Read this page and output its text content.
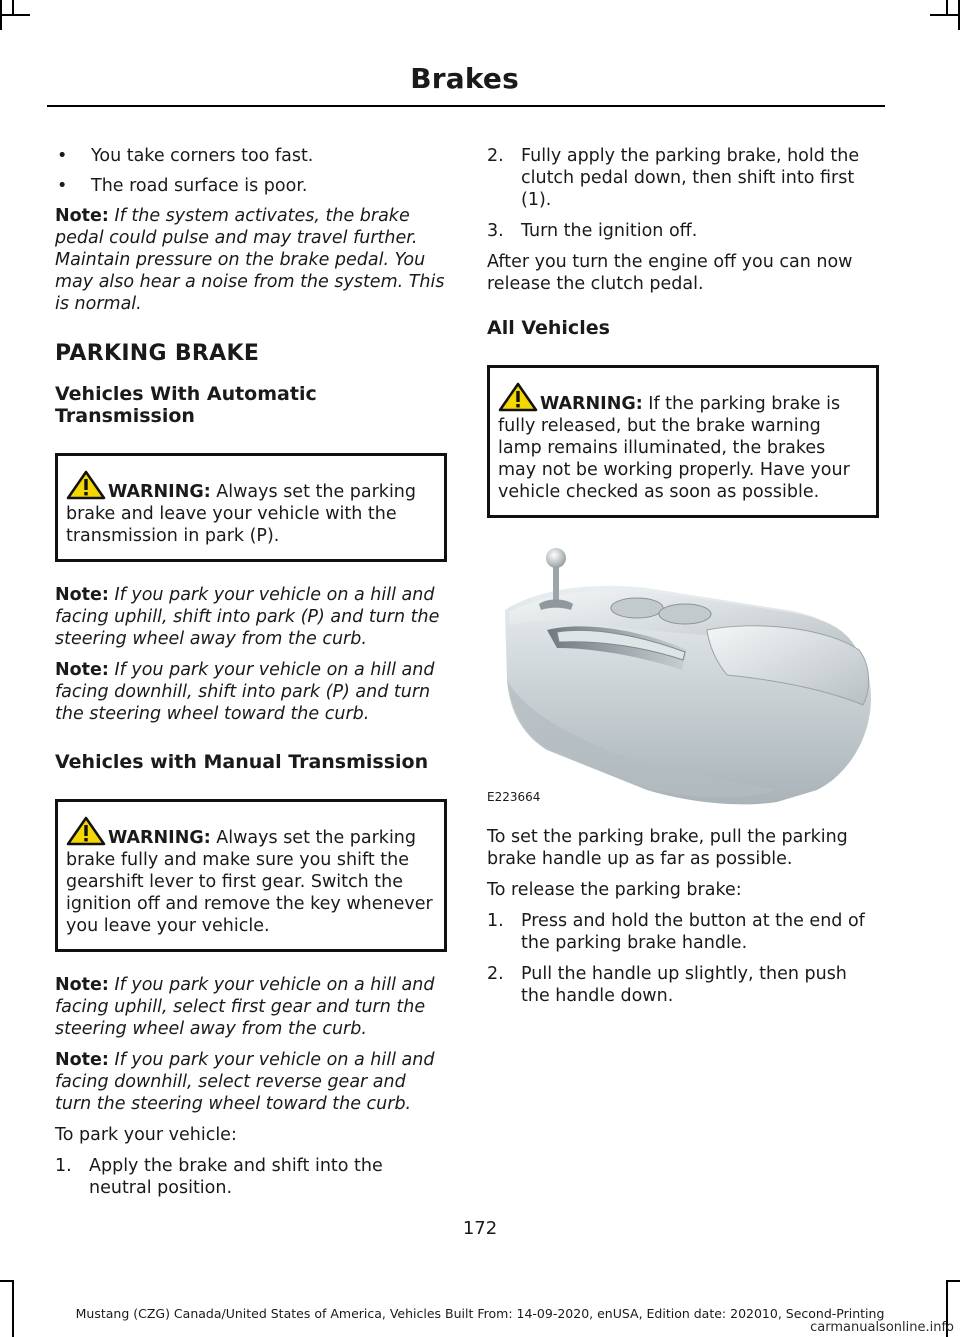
Brakes
•	You take corners too fast.
•	The road surface is poor.

Note: If the system activates, the brake pedal could pulse and may travel further. Maintain pressure on the brake pedal. You may also hear a noise from the system. This is normal.

PARKING BRAKE
Vehicles With Automatic Transmission
WARNING: Always set the parking brake and leave your vehicle with the transmission in park (P).

Note: If you park your vehicle on a hill and facing uphill, shift into park (P) and turn the steering wheel away from the curb.

Note: If you park your vehicle on a hill and facing downhill, shift into park (P) and turn the steering wheel toward the curb.

Vehicles with Manual Transmission
WARNING: Always set the parking brake fully and make sure you shift the gearshift lever to first gear. Switch the ignition off and remove the key whenever you leave your vehicle.

Note: If you park your vehicle on a hill and facing uphill, select first gear and turn the steering wheel away from the curb.

Note: If you park your vehicle on a hill and facing downhill, select reverse gear and turn the steering wheel toward the curb.

To park your vehicle:

1. Apply the brake and shift into the neutral position.
2. Fully apply the parking brake, hold the clutch pedal down, then shift into first (1).
3. Turn the ignition off.

After you turn the engine off you can now release the clutch pedal.

All Vehicles
WARNING: If the parking brake is fully released, but the brake warning lamp remains illuminated, the brakes may not be working properly. Have your vehicle checked as soon as possible.
E223664

To set the parking brake, pull the parking brake handle up as far as possible.

To release the parking brake:

1. Press and hold the button at the end of the parking brake handle.
2. Pull the handle up slightly, then push the handle down.
172
Mustang (CZG) Canada/United States of America, Vehicles Built From: 14-09-2020, enUSA, Edition date: 202010, Second-Printing
carmanualsonline.info
